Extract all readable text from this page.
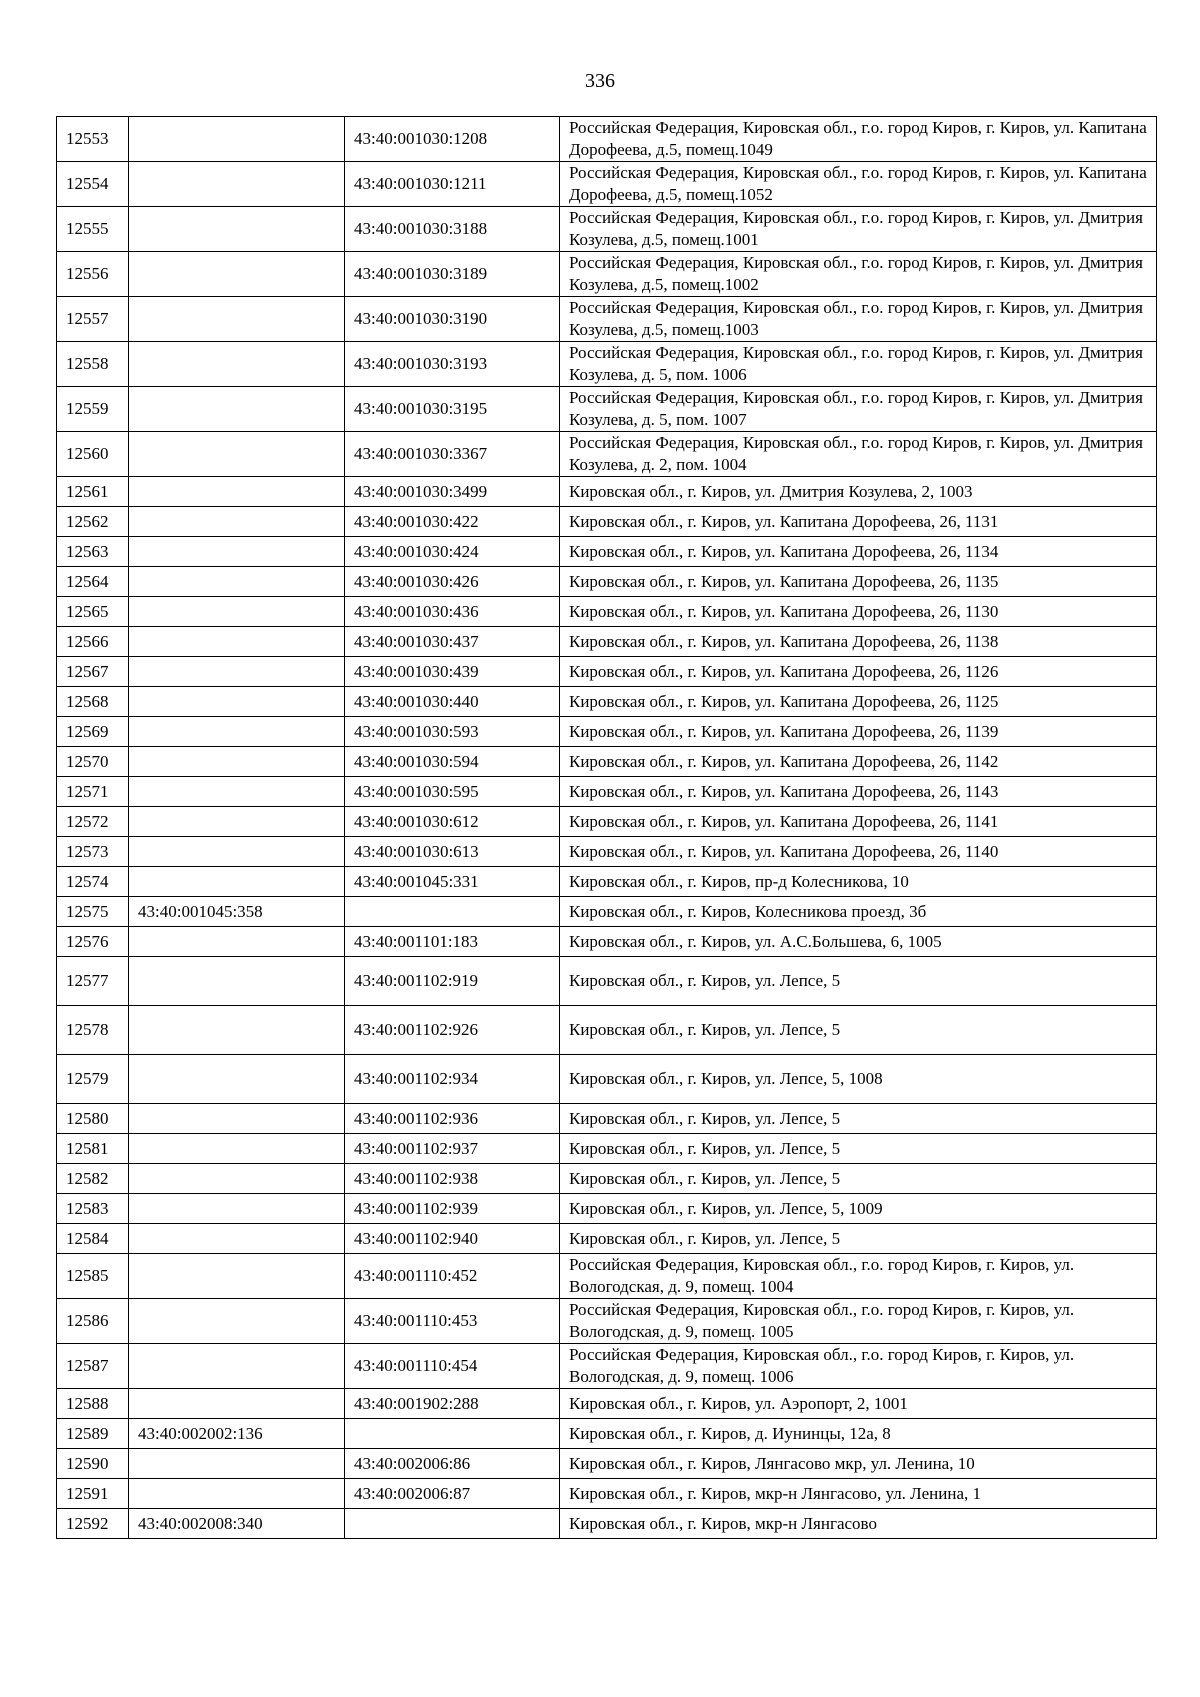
336
12553		43:40:001030:1208	Российская Федерация, Кировская обл., г.о. город Киров, г. Киров, ул. Капитана Дорофеева, д.5, помещ.1049
12554		43:40:001030:1211	Российская Федерация, Кировская обл., г.о. город Киров, г. Киров, ул. Капитана Дорофеева, д.5, помещ.1052
12555		43:40:001030:3188	Российская Федерация, Кировская обл., г.о. город Киров, г. Киров, ул. Дмитрия Козулева, д.5, помещ.1001
12556		43:40:001030:3189	Российская Федерация, Кировская обл., г.о. город Киров, г. Киров, ул. Дмитрия Козулева, д.5, помещ.1002
12557		43:40:001030:3190	Российская Федерация, Кировская обл., г.о. город Киров, г. Киров, ул. Дмитрия Козулева, д.5, помещ.1003
12558		43:40:001030:3193	Российская Федерация, Кировская обл., г.о. город Киров, г. Киров, ул. Дмитрия Козулева, д. 5, пом. 1006
12559		43:40:001030:3195	Российская Федерация, Кировская обл., г.о. город Киров, г. Киров, ул. Дмитрия Козулева, д. 5, пом. 1007
12560		43:40:001030:3367	Российская Федерация, Кировская обл., г.о. город Киров, г. Киров, ул. Дмитрия Козулева, д. 2, пом. 1004
12561		43:40:001030:3499	Кировская обл., г. Киров, ул. Дмитрия Козулева, 2, 1003
12562		43:40:001030:422	Кировская обл., г. Киров, ул. Капитана Дорофеева, 26, 1131
12563		43:40:001030:424	Кировская обл., г. Киров, ул. Капитана Дорофеева, 26, 1134
12564		43:40:001030:426	Кировская обл., г. Киров, ул. Капитана Дорофеева, 26, 1135
12565		43:40:001030:436	Кировская обл., г. Киров, ул. Капитана Дорофеева, 26, 1130
12566		43:40:001030:437	Кировская обл., г. Киров, ул. Капитана Дорофеева, 26, 1138
12567		43:40:001030:439	Кировская обл., г. Киров, ул. Капитана Дорофеева, 26, 1126
12568		43:40:001030:440	Кировская обл., г. Киров, ул. Капитана Дорофеева, 26, 1125
12569		43:40:001030:593	Кировская обл., г. Киров, ул. Капитана Дорофеева, 26, 1139
12570		43:40:001030:594	Кировская обл., г. Киров, ул. Капитана Дорофеева, 26, 1142
12571		43:40:001030:595	Кировская обл., г. Киров, ул. Капитана Дорофеева, 26, 1143
12572		43:40:001030:612	Кировская обл., г. Киров, ул. Капитана Дорофеева, 26, 1141
12573		43:40:001030:613	Кировская обл., г. Киров, ул. Капитана Дорофеева, 26, 1140
12574		43:40:001045:331	Кировская обл., г. Киров, пр-д Колесникова, 10
12575	43:40:001045:358		Кировская обл., г. Киров, Колесникова проезд, 3б
12576		43:40:001101:183	Кировская обл., г. Киров, ул. А.С.Большева, 6, 1005
12577		43:40:001102:919	Кировская обл., г. Киров, ул. Лепсе, 5
12578		43:40:001102:926	Кировская обл., г. Киров, ул. Лепсе, 5
12579		43:40:001102:934	Кировская обл., г. Киров, ул. Лепсе, 5, 1008
12580		43:40:001102:936	Кировская обл., г. Киров, ул. Лепсе, 5
12581		43:40:001102:937	Кировская обл., г. Киров, ул. Лепсе, 5
12582		43:40:001102:938	Кировская обл., г. Киров, ул. Лепсе, 5
12583		43:40:001102:939	Кировская обл., г. Киров, ул. Лепсе, 5, 1009
12584		43:40:001102:940	Кировская обл., г. Киров, ул. Лепсе, 5
12585		43:40:001110:452	Российская Федерация, Кировская обл., г.о. город Киров, г. Киров, ул. Вологодская, д. 9, помещ. 1004
12586		43:40:001110:453	Российская Федерация, Кировская обл., г.о. город Киров, г. Киров, ул. Вологодская, д. 9, помещ. 1005
12587		43:40:001110:454	Российская Федерация, Кировская обл., г.о. город Киров, г. Киров, ул. Вологодская, д. 9, помещ. 1006
12588		43:40:001902:288	Кировская обл., г. Киров, ул. Аэропорт, 2, 1001
12589	43:40:002002:136		Кировская обл., г. Киров, д. Иунинцы, 12а, 8
12590		43:40:002006:86	Кировская обл., г. Киров, Лянгасово мкр, ул. Ленина, 10
12591		43:40:002006:87	Кировская обл., г. Киров, мкр-н Лянгасово, ул. Ленина, 1
12592	43:40:002008:340		Кировская обл., г. Киров, мкр-н Лянгасово
